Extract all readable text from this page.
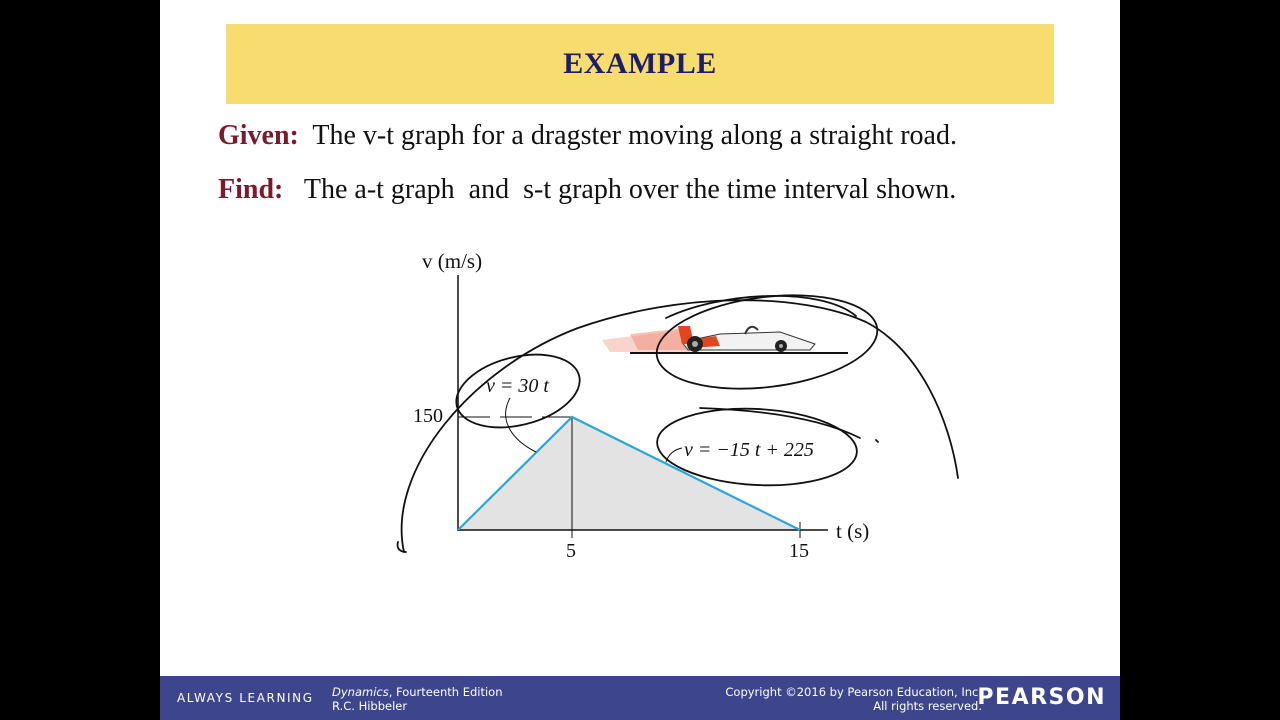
EXAMPLE
Given:  The v-t graph for a dragster moving along a straight road.
Find:   The a-t graph  and  s-t graph over the time interval shown.
v (m/s)
t (s)
150
5	15
v = 30 t
v = −15 t + 225
ALWAYS LEARNING Dynamics, Fourteenth Edition
R.C. Hibbeler
Copyright ©2016 by Pearson Education, Inc.
All rights reserved.
PEARSON
